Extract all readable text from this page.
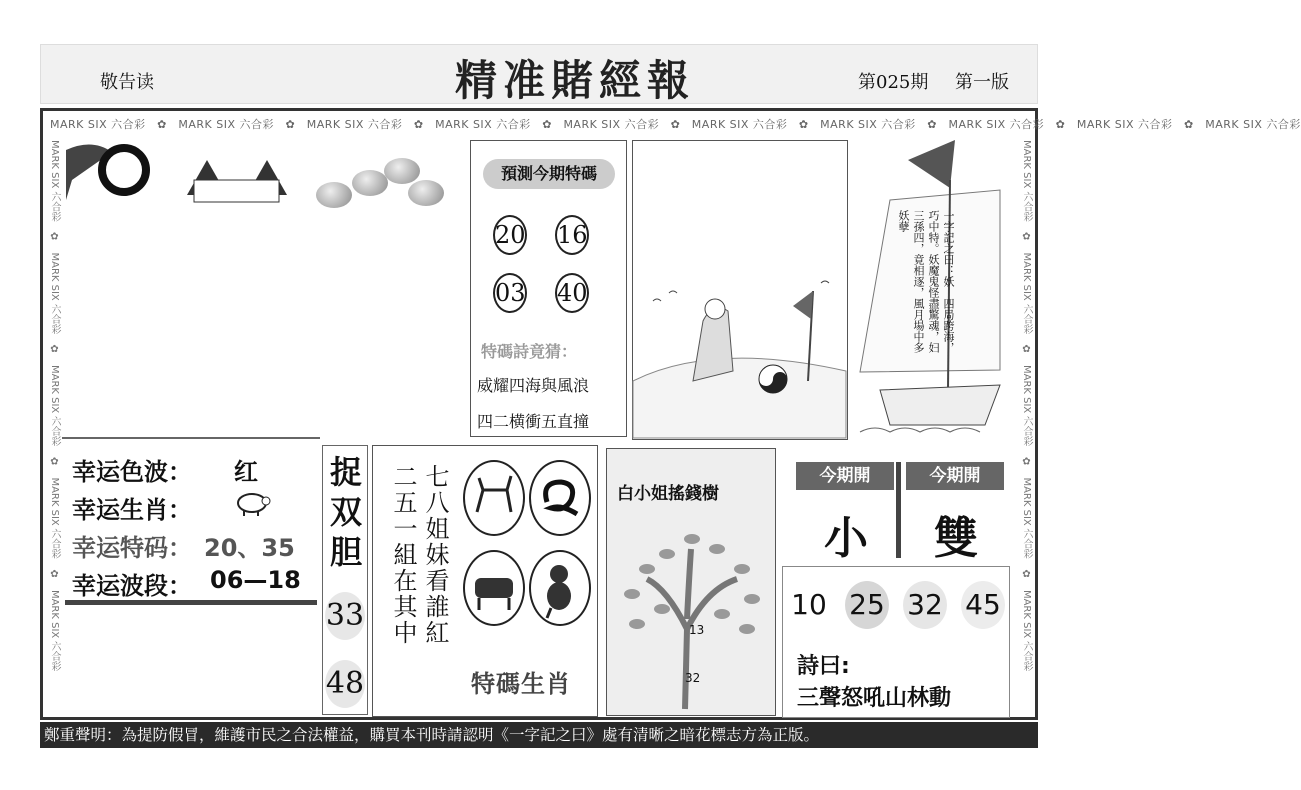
敬告读	精准賭經報	第025期 第一版
MARK SIX 六合彩　✿　MARK SIX 六合彩　✿　MARK SIX 六合彩　✿　MARK SIX 六合彩　✿　MARK SIX 六合彩　✿　MARK SIX 六合彩　✿　MARK SIX 六合彩　✿　MARK SIX 六合彩　✿　MARK SIX 六合彩　✿　MARK SIX 六合彩
MARK SIX 六合彩　✿　MARK SIX 六合彩　✿　MARK SIX 六合彩　✿　MARK SIX 六合彩　✿　MARK SIX 六合彩
MARK SIX 六合彩　✿　MARK SIX 六合彩　✿　MARK SIX 六合彩　✿　MARK SIX 六合彩　✿　MARK SIX 六合彩
預測今期特碼
20 16
03 40
特碼詩竟猜：
威耀四海與風浪
四二横衝五直撞
一字記之曰：妖　四局跨海，巧中特。妖魔鬼怪盡驚魂，妇三孫四，竟相逐，風月場中多妖孽
幸运色波： 红
幸运生肖：
幸运特码： 20、35
幸运波段： 06—18
捉双胆
33
48
七八姐妹看誰紅
二五一組在其中
特碼生肖
白小姐搖錢樹
13
32
今期開	今期開
小 雙
10 25 32 45
詩曰:
三聲怒吼山林動
鄭重聲明：為提防假冒，維護市民之合法權益，購買本刊時請認明《一字記之曰》處有清晰之暗花標志方為正版。
